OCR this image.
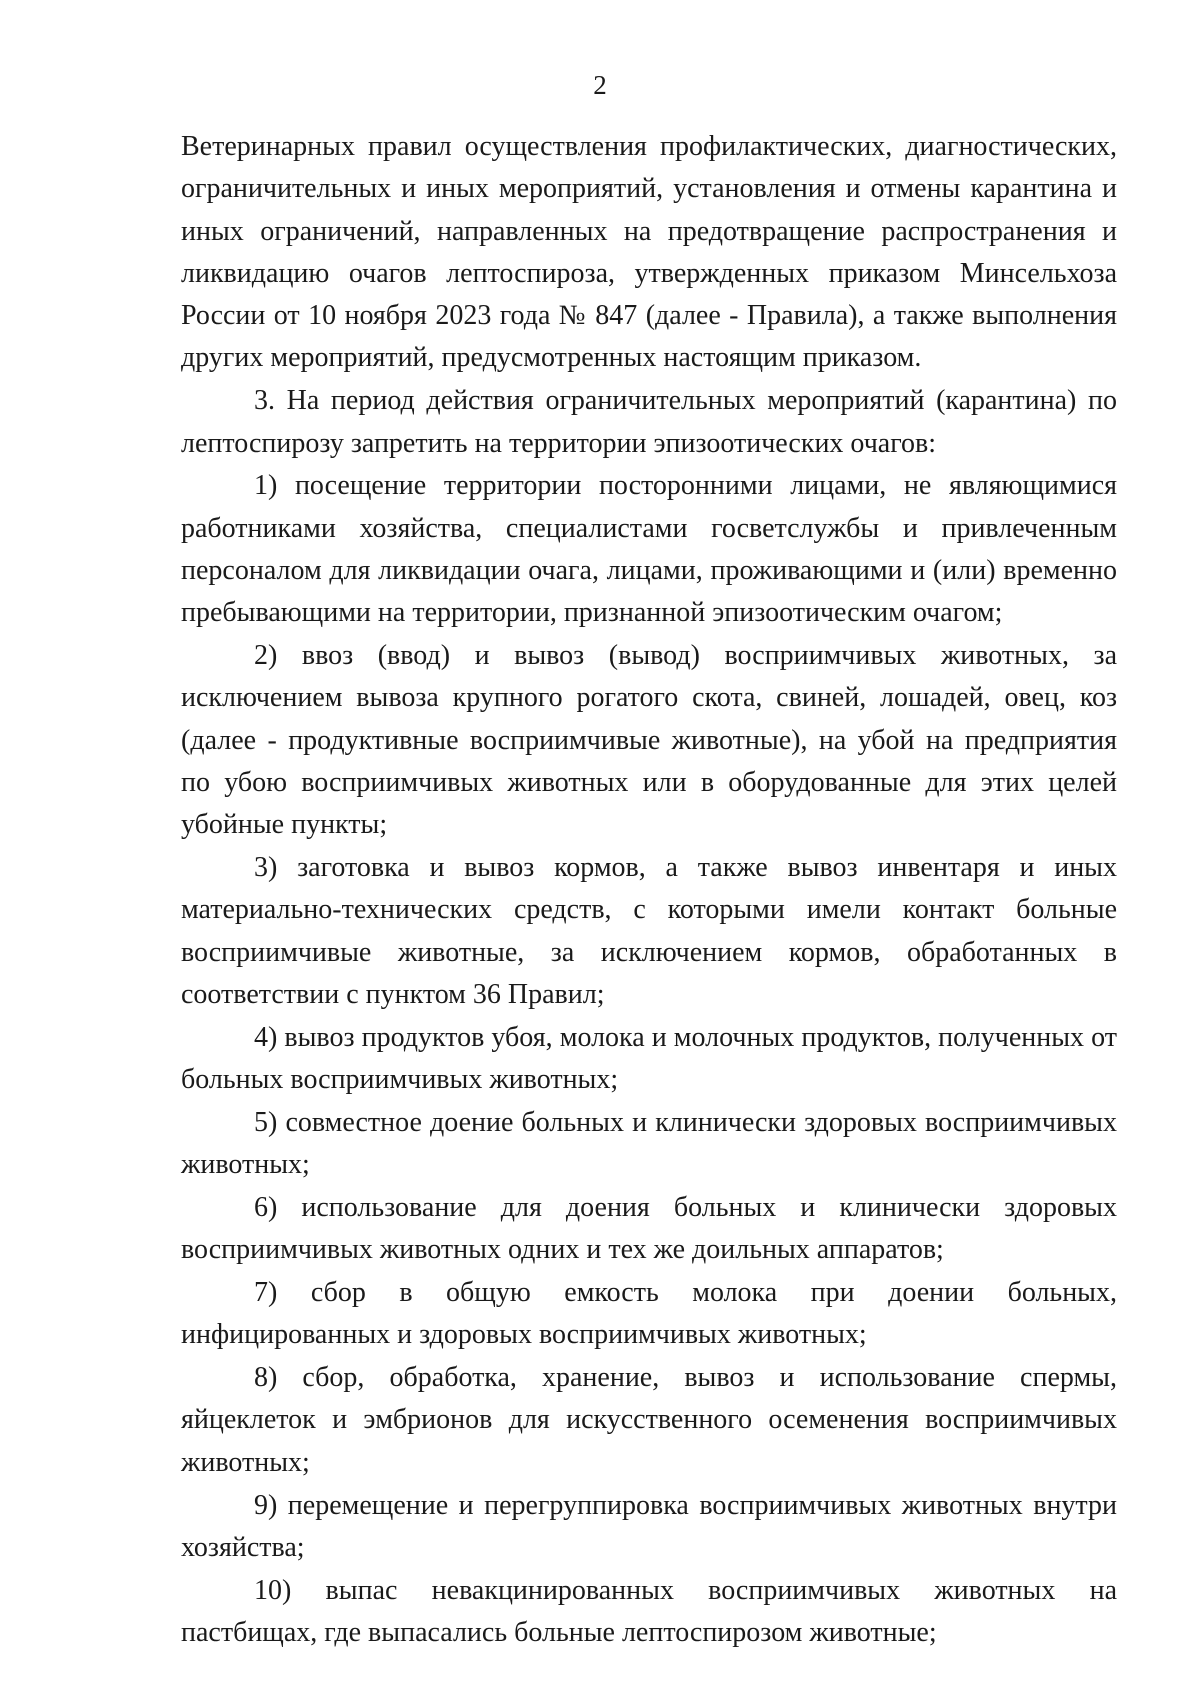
2

Ветеринарных правил осуществления профилактических, диагностических, ограничительных и иных мероприятий, установления и отмены карантина и иных ограничений, направленных на предотвращение распространения и ликвидацию очагов лептоспироза, утвержденных приказом Минсельхоза России от 10 ноября 2023 года № 847 (далее - Правила), а также выполнения других мероприятий, предусмотренных настоящим приказом.

3. На период действия ограничительных мероприятий (карантина) по лептоспирозу запретить на территории эпизоотических очагов:

1) посещение территории посторонними лицами, не являющимися работниками хозяйства, специалистами госветслужбы и привлеченным персоналом для ликвидации очага, лицами, проживающими и (или) временно пребывающими на территории, признанной эпизоотическим очагом;

2) ввоз (ввод) и вывоз (вывод) восприимчивых животных, за исключением вывоза крупного рогатого скота, свиней, лошадей, овец, коз (далее - продуктивные восприимчивые животные), на убой на предприятия по убою восприимчивых животных или в оборудованные для этих целей убойные пункты;

3) заготовка и вывоз кормов, а также вывоз инвентаря и иных материально-технических средств, с которыми имели контакт больные восприимчивые животные, за исключением кормов, обработанных в соответствии с пунктом 36 Правил;

4) вывоз продуктов убоя, молока и молочных продуктов, полученных от больных восприимчивых животных;

5) совместное доение больных и клинически здоровых восприимчивых животных;

6) использование для доения больных и клинически здоровых восприимчивых животных одних и тех же доильных аппаратов;

7) сбор в общую емкость молока при доении больных, инфицированных и здоровых восприимчивых животных;

8) сбор, обработка, хранение, вывоз и использование спермы, яйцеклеток и эмбрионов для искусственного осеменения восприимчивых животных;

9) перемещение и перегруппировка восприимчивых животных внутри хозяйства;

10) выпас невакцинированных восприимчивых животных на пастбищах, где выпасались больные лептоспирозом животные;
